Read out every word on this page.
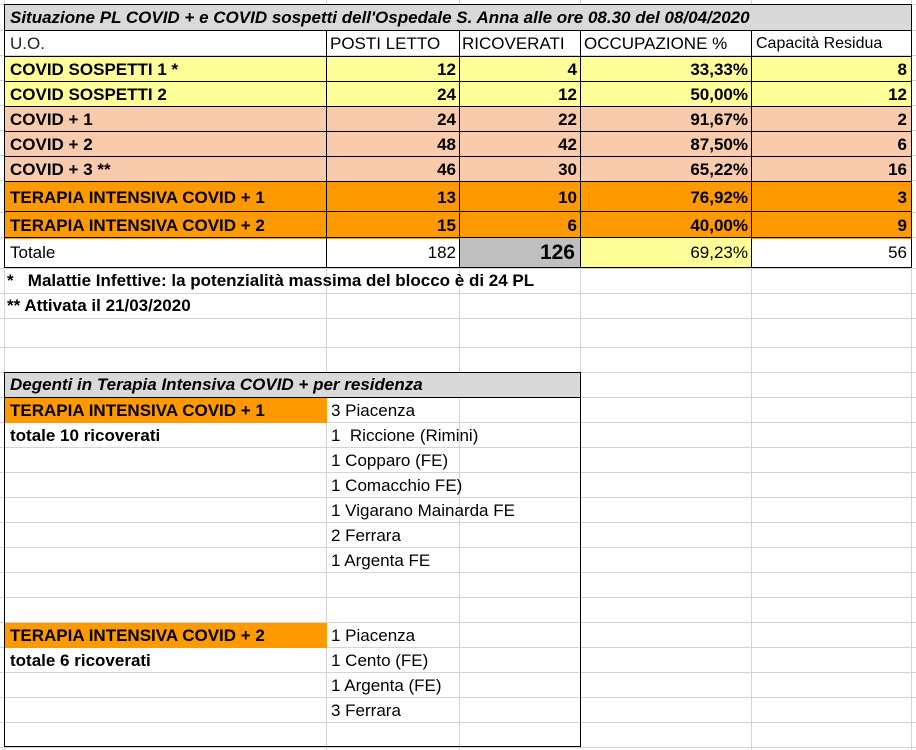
Situazione PL COVID + e COVID sospetti dell'Ospedale S. Anna alle ore 08.30 del 08/04/2020
U.O.	POSTI LETTO	RICOVERATI	OCCUPAZIONE %	Capacità Residua
COVID SOSPETTI 1 *	12	4	33,33%	8
COVID SOSPETTI 2	24	12	50,00%	12
COVID + 1	24	22	91,67%	2
COVID + 2	48	42	87,50%	6
COVID + 3 **	46	30	65,22%	16
TERAPIA INTENSIVA COVID + 1	13	10	76,92%	3
TERAPIA INTENSIVA COVID + 2	15	6	40,00%	9
Totale	182	126	69,23%	56
*   Malattie Infettive: la potenzialità massima del blocco è di 24 PL
** Attivata il 21/03/2020
Degenti in Terapia Intensiva COVID + per residenza
TERAPIA INTENSIVA COVID + 1
totale 10 ricoverati
3 Piacenza
1  Riccione (Rimini)
1 Copparo (FE)
1 Comacchio FE)
1 Vigarano Mainarda FE
2 Ferrara
1 Argenta FE
TERAPIA INTENSIVA COVID + 2
totale 6 ricoverati
1 Piacenza
1 Cento (FE)
1 Argenta (FE)
3 Ferrara
